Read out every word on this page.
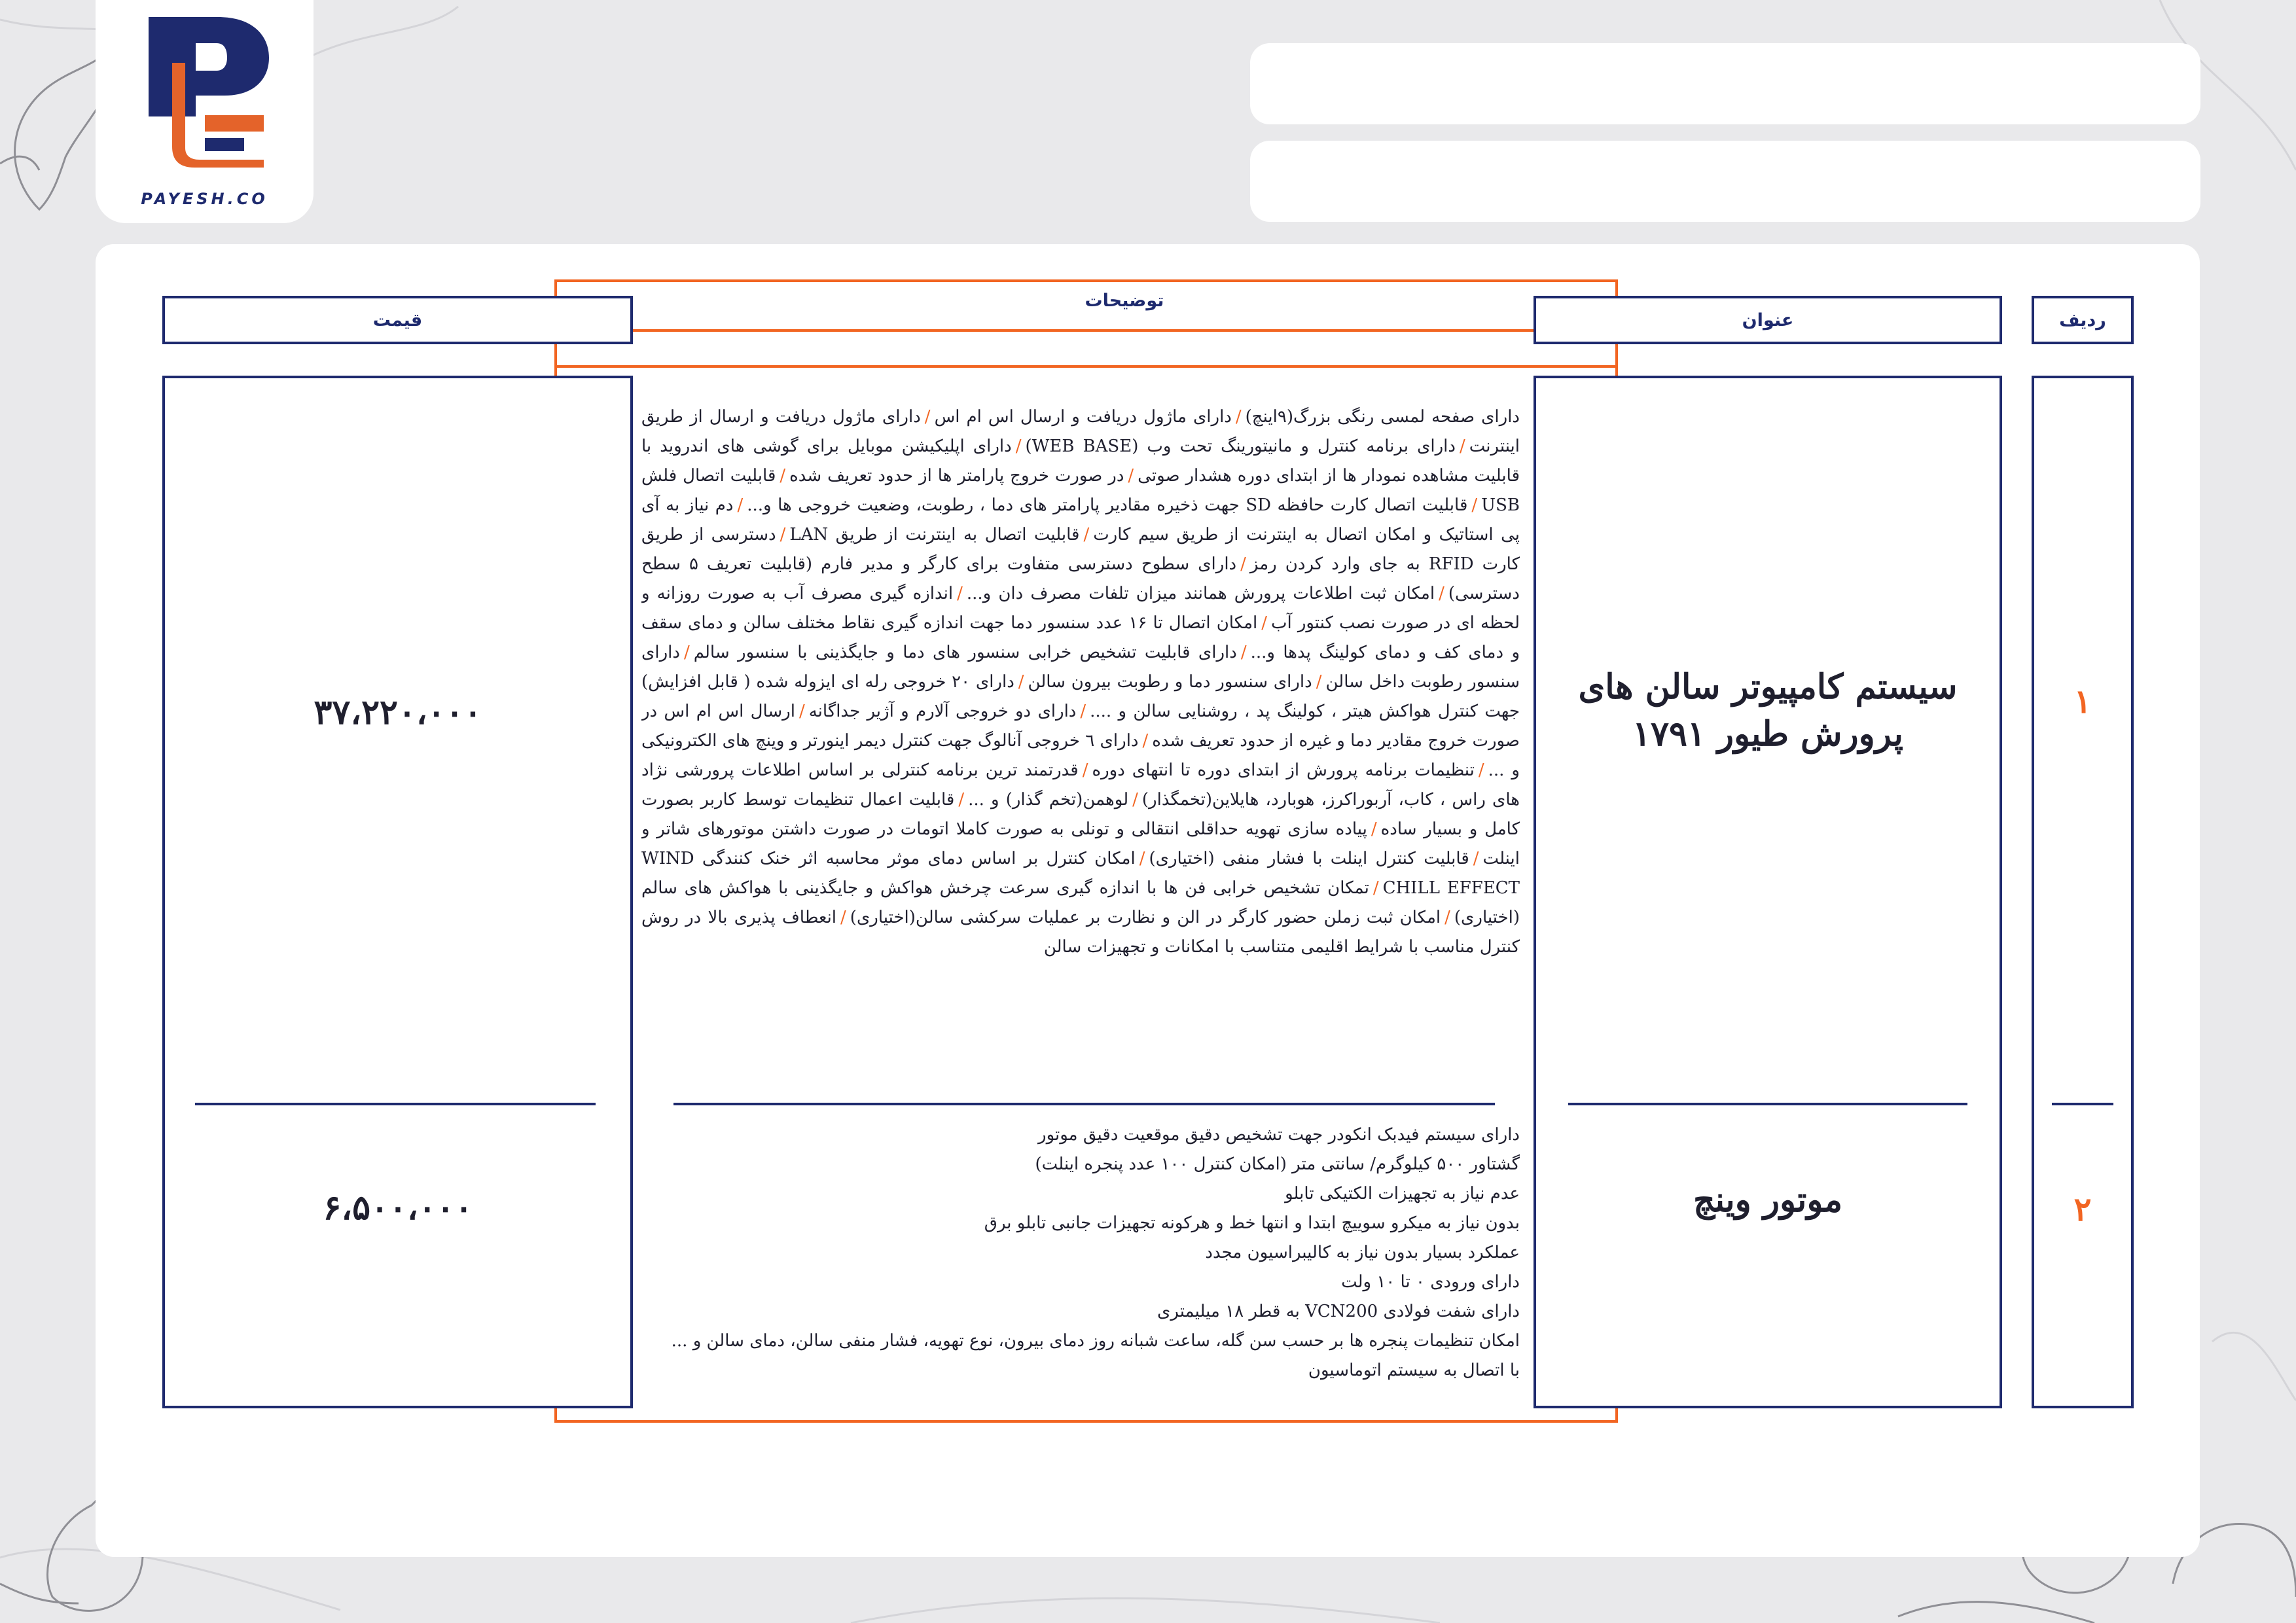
PAYESH.CO
ردیف
عنوان
توضیحات
قیمت
۱
سیستم کامپیوتر سالن های پرورش طیور ۱۷۹۱
۳۷،۲۲۰،۰۰۰
دارای صفحه لمسی رنگی بزرگ(۹اینچ)/دارای ماژول دریافت و ارسال اس ام اس/دارای ماژول دریافت و ارسال از طریق اینترنت/دارای برنامه کنترل و مانیتورینگ تحت وب (WEB BASE)/دارای اپلیکیشن موبایل برای گوشی های اندروید با قابلیت مشاهده نمودار ها از ابتدای دوره هشدار صوتی/در صورت خروج پارامتر ها از حدود تعریف شده/قابلیت اتصال فلش USB/قابلیت اتصال کارت حافظه SD جهت ذخیره مقادیر پارامتر های دما ، رطوبت، وضعیت خروجی ها و.../دم نیاز به آی پی استاتیک و امکان اتصال به اینترنت از طریق سیم کارت/قابلیت اتصال به اینترنت از طریق LAN/دسترسی از طریق کارت RFID به جای وارد کردن رمز/دارای سطوح دسترسی متفاوت برای کارگر و مدیر فارم (قابلیت تعریف ۵ سطح دسترسی)/امکان ثبت اطلاعات پرورش همانند میزان تلفات مصرف دان و.../اندازه گیری مصرف آب به صورت روزانه و لحظه ای در صورت نصب کنتور آب/امکان اتصال تا ۱۶ عدد سنسور دما جهت اندازه گیری نقاط مختلف سالن و دمای سقف و دمای کف و دمای کولینگ پدها و.../دارای قابلیت تشخیص خرابی سنسور های دما و جایگذینی با سنسور سالم/دارای سنسور رطوبت داخل سالن/دارای سنسور دما و رطوبت بیرون سالن/دارای ۲۰ خروجی رله ای ایزوله شده ( قابل افزایش) جهت کنترل هواکش هیتر ، کولینگ پد ، روشنایی سالن و ..../دارای دو خروجی آلارم و آژیر جداگانه/ارسال اس ام اس در صورت خروج مقادیر دما و غیره از حدود تعریف شده/دارای ٦ خروجی آنالوگ جهت کنترل دیمر اینورتر و وینچ های الکترونیکی و .../تنظیمات برنامه پرورش از ابتدای دوره تا انتهای دوره/قدرتمند ترین برنامه کنترلی بر اساس اطلاعات پرورشی نژاد های راس ، کاب، آربوراکرز، هوبارد، هایلاین(تخمگذار)/لوهمن(تخم گذار) و .../قابلیت اعمال تنظیمات توسط کاربر بصورت کامل و بسیار ساده/پیاده سازی تهویه حداقلی انتقالی و تونلی به صورت کاملا اتومات در صورت داشتن موتورهای شاتر و اینلت/قابلیت کنترل اینلت با فشار منفی (اختیاری)/امکان کنترل بر اساس دمای موثر محاسبه اثر خنک کنندگی WIND CHILL EFFECT/تمکان تشخیص خرابی فن ها با اندازه گیری سرعت چرخش هواکش و جایگذینی با هواکش های سالم (اختیاری)/امکان ثبت زملن حضور کارگر در الن و نظارت بر عملیات سرکشی سالن(اختیاری)/انعطاف پذیری بالا در روش کنترل مناسب با شرایط اقلیمی متناسب با امکانات و تجهیزات سالن
۲
موتور وینچ
۶،۵۰۰،۰۰۰
دارای سیستم فیدبک انکودر جهت تشخیص دقیق موقعیت دقیق موتور
گشتاور ۵۰۰ کیلوگرم/ سانتی متر (امکان کنترل ۱۰۰ عدد پنجره اینلت)
عدم نیاز به تجهیزات الکتیکی تابلو
بدون نیاز به میکرو سوییچ ابتدا و انتها خط و هرکونه تجهیزات جانبی تابلو برق
عملکرد بسیار بدون نیاز به کالیبراسیون مجدد
دارای ورودی ۰ تا ۱۰ ولت
دارای شفت فولادی VCN200 به قطر ۱۸ میلیمتری
امکان تنظیمات پنجره ها بر حسب سن گله، ساعت شبانه روز دمای بیرون، نوع تهویه، فشار منفی سالن، دمای سالن و ...
با اتصال به سیستم اتوماسیون
